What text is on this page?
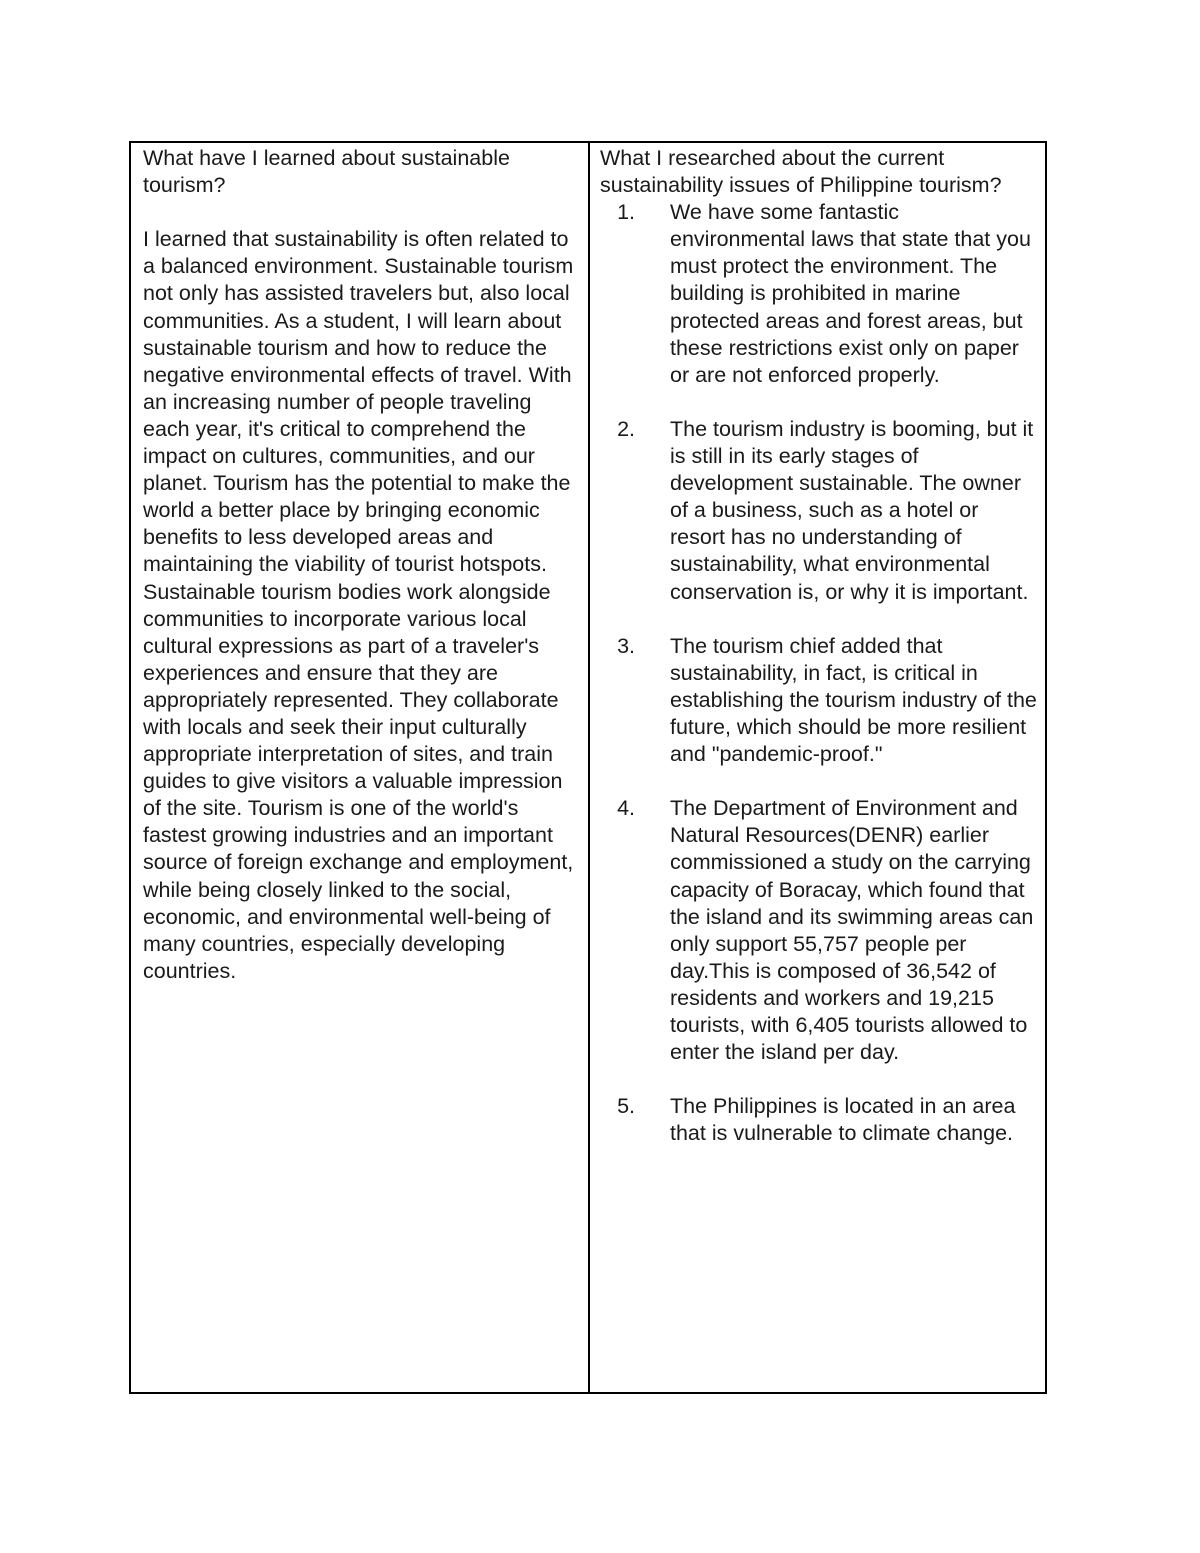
What have I learned about sustainable tourism?

I learned that sustainability is often related to a balanced environment. Sustainable tourism not only has assisted travelers but, also local communities. As a student, I will learn about sustainable tourism and how to reduce the negative environmental effects of travel. With an increasing number of people traveling each year, it's critical to comprehend the impact on cultures, communities, and our planet. Tourism has the potential to make the world a better place by bringing economic benefits to less developed areas and maintaining the viability of tourist hotspots. Sustainable tourism bodies work alongside communities to incorporate various local cultural expressions as part of a traveler's experiences and ensure that they are appropriately represented. They collaborate with locals and seek their input culturally appropriate interpretation of sites, and train guides to give visitors a valuable impression of the site. Tourism is one of the world's fastest growing industries and an important source of foreign exchange and employment, while being closely linked to the social, economic, and environmental well-being of many countries, especially developing countries.

What I researched about the current sustainability issues of Philippine tourism?

1.	We have some fantastic environmental laws that state that you must protect the environment. The building is prohibited in marine protected areas and forest areas, but these restrictions exist only on paper or are not enforced properly.
2.	The tourism industry is booming, but it is still in its early stages of development sustainable. The owner of a business, such as a hotel or resort has no understanding of sustainability, what environmental conservation is, or why it is important.
3.	The tourism chief added that sustainability, in fact, is critical in establishing the tourism industry of the future, which should be more resilient and "pandemic-proof."
4.	The Department of Environment and Natural Resources(DENR) earlier commissioned a study on the carrying capacity of Boracay, which found that the island and its swimming areas can only support 55,757 people per day.This is composed of 36,542 of residents and workers and 19,215 tourists, with 6,405 tourists allowed to enter the island per day.
5.	The Philippines is located in an area that is vulnerable to climate change.
